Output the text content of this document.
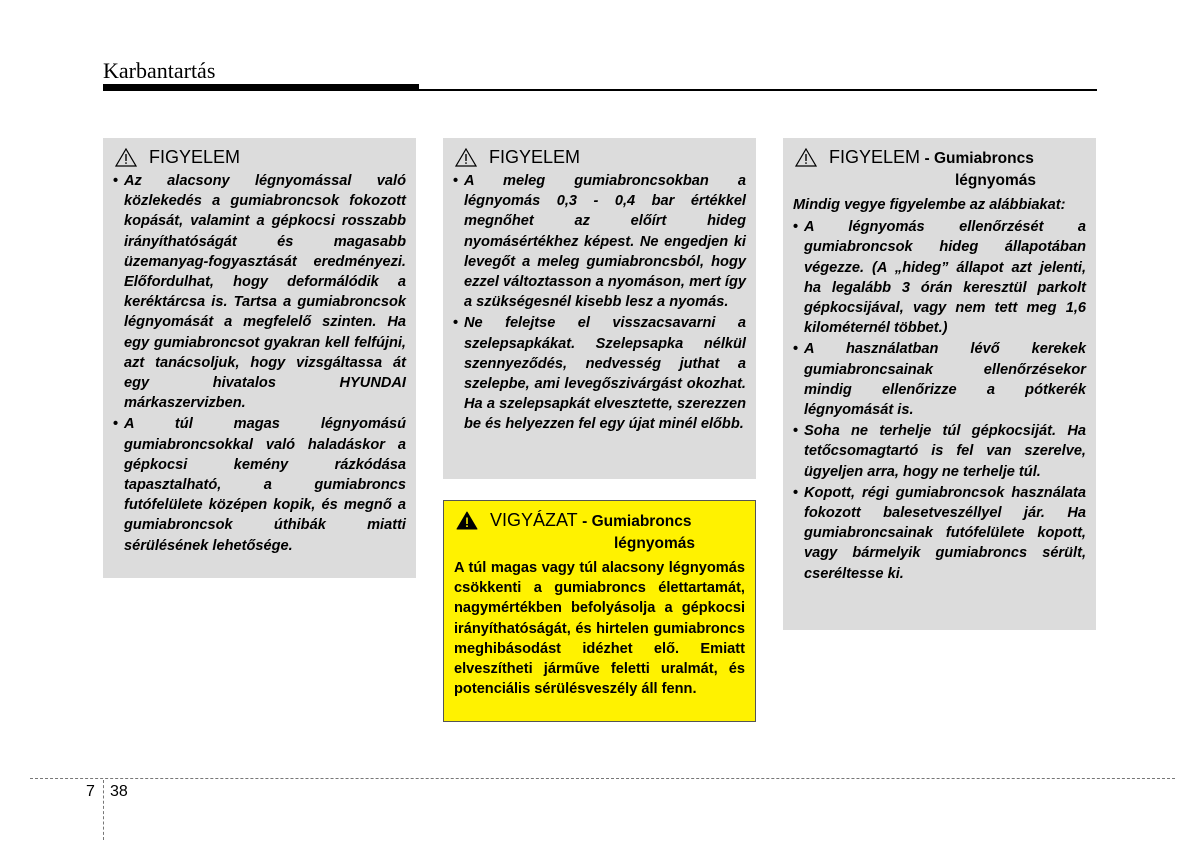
Karbantartás
FIGYELEM
• Az alacsony légnyomással való közlekedés a gumiabroncsok fokozott kopását, valamint a gépkocsi rosszabb irányíthatóságát és magasabb üzemanyag-fogyasztását eredményezi. Előfordulhat, hogy deformálódik a keréktárcsa is. Tartsa a gumiabroncsok légnyomását a megfelelő szinten. Ha egy gumiabroncsot gyakran kell felfújni, azt tanácsoljuk, hogy vizsgáltassa át egy hivatalos HYUNDAI márkaszervizben.
• A túl magas légnyomású gumiabroncsokkal való haladáskor a gépkocsi kemény rázkódása tapasztalható, a gumiabroncs futófelülete középen kopik, és megnő a gumiabroncsok úthibák miatti sérülésének lehetősége.
FIGYELEM
• A meleg gumiabroncsokban a légnyomás 0,3 - 0,4 bar értékkel megnőhet az előírt hideg nyomásértékhez képest. Ne engedjen ki levegőt a meleg gumiabroncsból, hogy ezzel változtasson a nyomáson, mert így a szükségesnél kisebb lesz a nyomás.
• Ne felejtse el visszacsavarni a szelepsapkákat. Szelepsapka nélkül szennyeződés, nedvesség juthat a szelepbe, ami levegőszivárgást okozhat. Ha a szelepsapkát elvesztette, szerezzen be és helyezzen fel egy újat minél előbb.
VIGYÁZAT - Gumiabroncs
légnyomás

A túl magas vagy túl alacsony légnyomás csökkenti a gumiabroncs élettartamát, nagymértékben befolyásolja a gépkocsi irányíthatóságát, és hirtelen gumiabroncs meghibásodást idézhet elő. Emiatt elveszítheti járműve feletti uralmát, és potenciális sérülésveszély áll fenn.

FIGYELEM - Gumiabroncs
légnyomás

Mindig vegye figyelembe az alábbiakat:

• A légnyomás ellenőrzését a gumiabroncsok hideg állapotában végezze. (A „hideg” állapot azt jelenti, ha legalább 3 órán keresztül parkolt gépkocsijával, vagy nem tett meg 1,6 kilométernél többet.)
• A használatban lévő kerekek gumiabroncsainak ellenőrzésekor mindig ellenőrizze a pótkerék légnyomását is.
• Soha ne terhelje túl gépkocsiját. Ha tetőcsomagtartó is fel van szerelve, ügyeljen arra, hogy ne terhelje túl.
• Kopott, régi gumiabroncsok használata fokozott balesetveszéllyel jár. Ha gumiabroncsainak futófelülete kopott, vagy bármelyik gumiabroncs sérült, cseréltesse ki.
7 38
